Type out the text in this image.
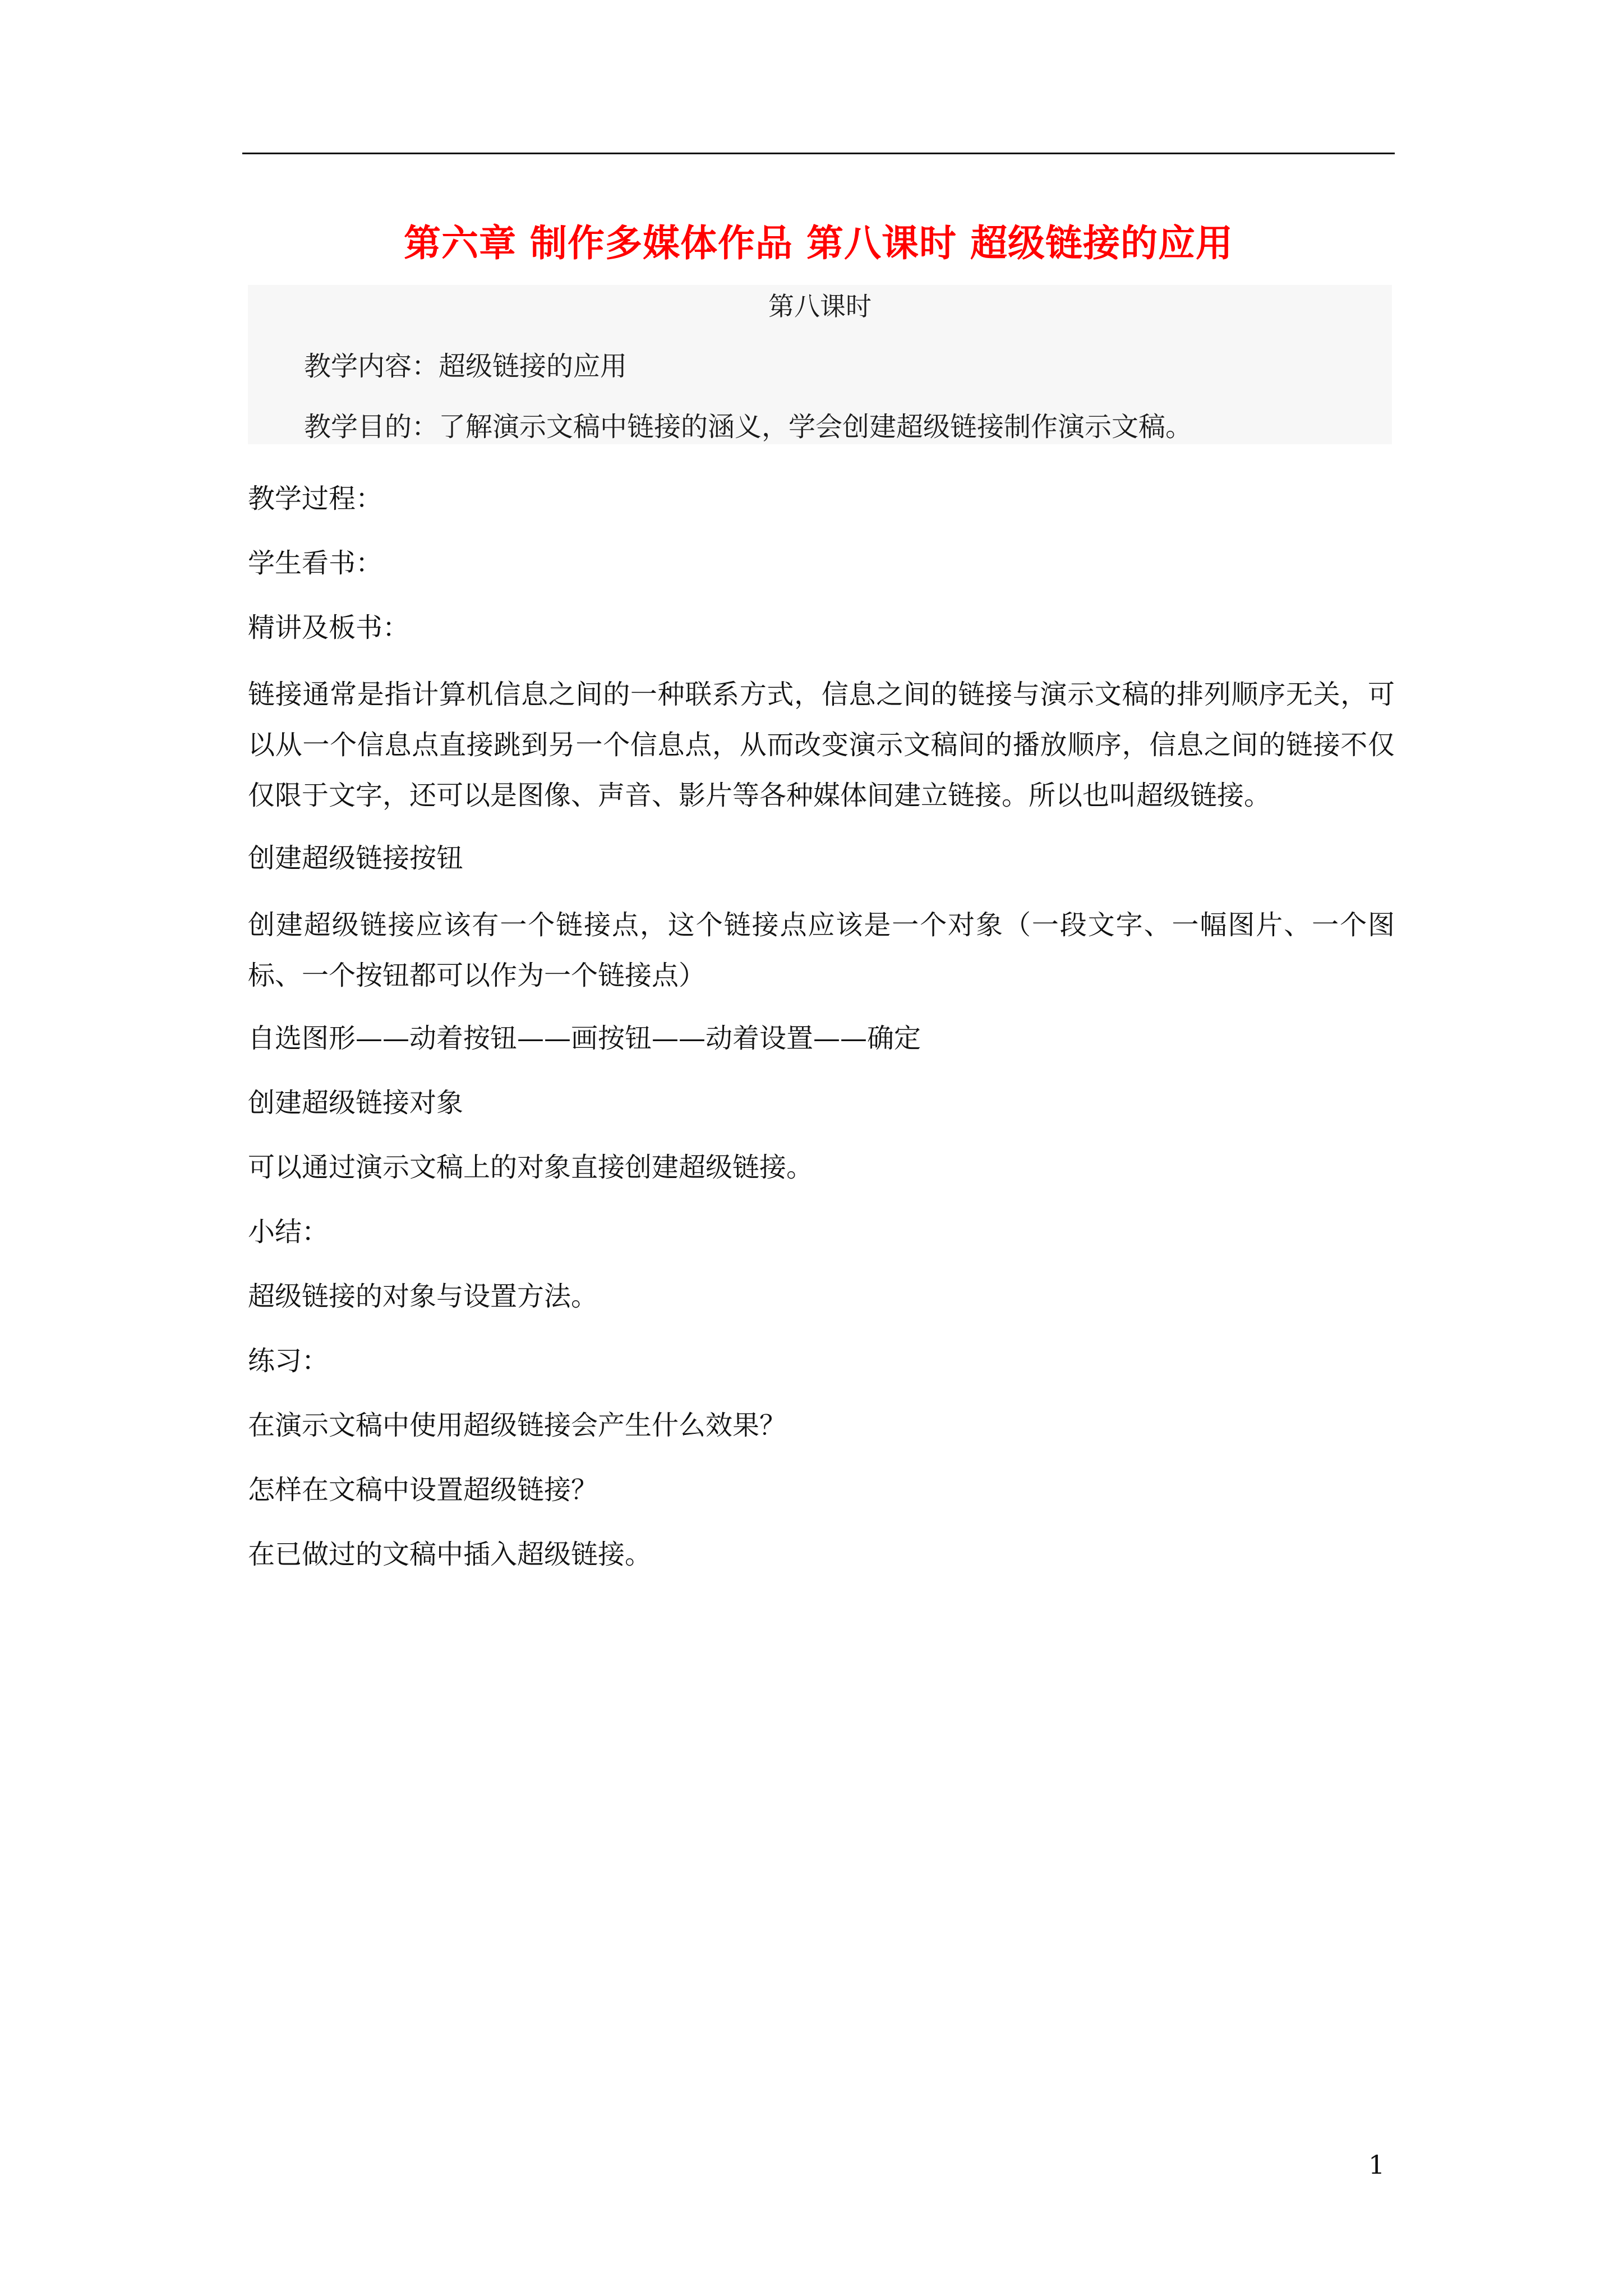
第六章 制作多媒体作品 第八课时 超级链接的应用
第八课时
教学内容：超级链接的应用
教学目的：了解演示文稿中链接的涵义，学会创建超级链接制作演示文稿。

教学过程：

学生看书：

精讲及板书：

链接通常是指计算机信息之间的一种联系方式，信息之间的链接与演示文稿的排列顺序无关，可以从一个信息点直接跳到另一个信息点，从而改变演示文稿间的播放顺序，信息之间的链接不仅仅限于文字，还可以是图像、声音、影片等各种媒体间建立链接。所以也叫超级链接。

创建超级链接按钮

创建超级链接应该有一个链接点，这个链接点应该是一个对象（一段文字、一幅图片、一个图标、一个按钮都可以作为一个链接点）

自选图形——动着按钮——画按钮——动着设置——确定

创建超级链接对象

可以通过演示文稿上的对象直接创建超级链接。

小结：

超级链接的对象与设置方法。

练习：

在演示文稿中使用超级链接会产生什么效果？

怎样在文稿中设置超级链接？

在已做过的文稿中插入超级链接。

1
